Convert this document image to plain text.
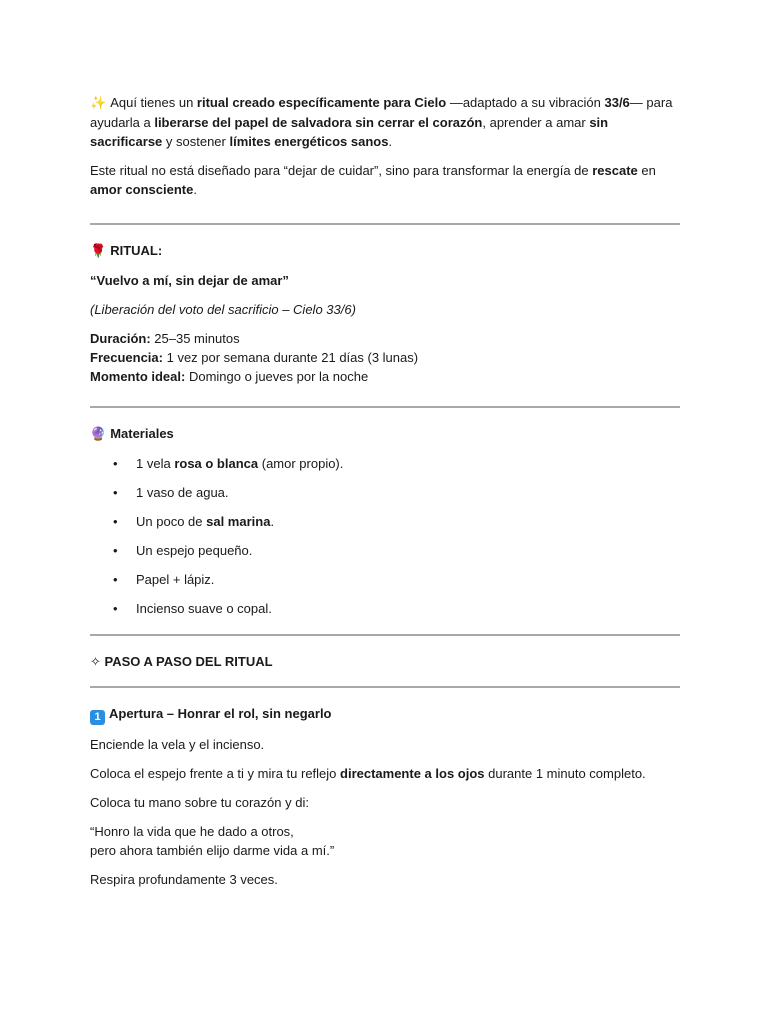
✨ Aquí tienes un ritual creado específicamente para Cielo —adaptado a su vibración 33/6— para ayudarla a liberarse del papel de salvadora sin cerrar el corazón, aprender a amar sin sacrificarse y sostener límites energéticos sanos.

Este ritual no está diseñado para “dejar de cuidar”, sino para transformar la energía de rescate en amor consciente.

🌹 RITUAL:

“Vuelvo a mí, sin dejar de amar”

(Liberación del voto del sacrificio – Cielo 33/6)

Duración: 25–35 minutos
Frecuencia: 1 vez por semana durante 21 días (3 lunas)
Momento ideal: Domingo o jueves por la noche

🔮 Materiales

• 1 vela rosa o blanca (amor propio).
• 1 vaso de agua.
• Un poco de sal marina.
• Un espejo pequeño.
• Papel + lápiz.
• Incienso suave o copal.

✧ PASO A PASO DEL RITUAL

1 Apertura – Honrar el rol, sin negarlo

Enciende la vela y el incienso.

Coloca el espejo frente a ti y mira tu reflejo directamente a los ojos durante 1 minuto completo.

Coloca tu mano sobre tu corazón y di:

“Honro la vida que he dado a otros,
pero ahora también elijo darme vida a mí.”

Respira profundamente 3 veces.
